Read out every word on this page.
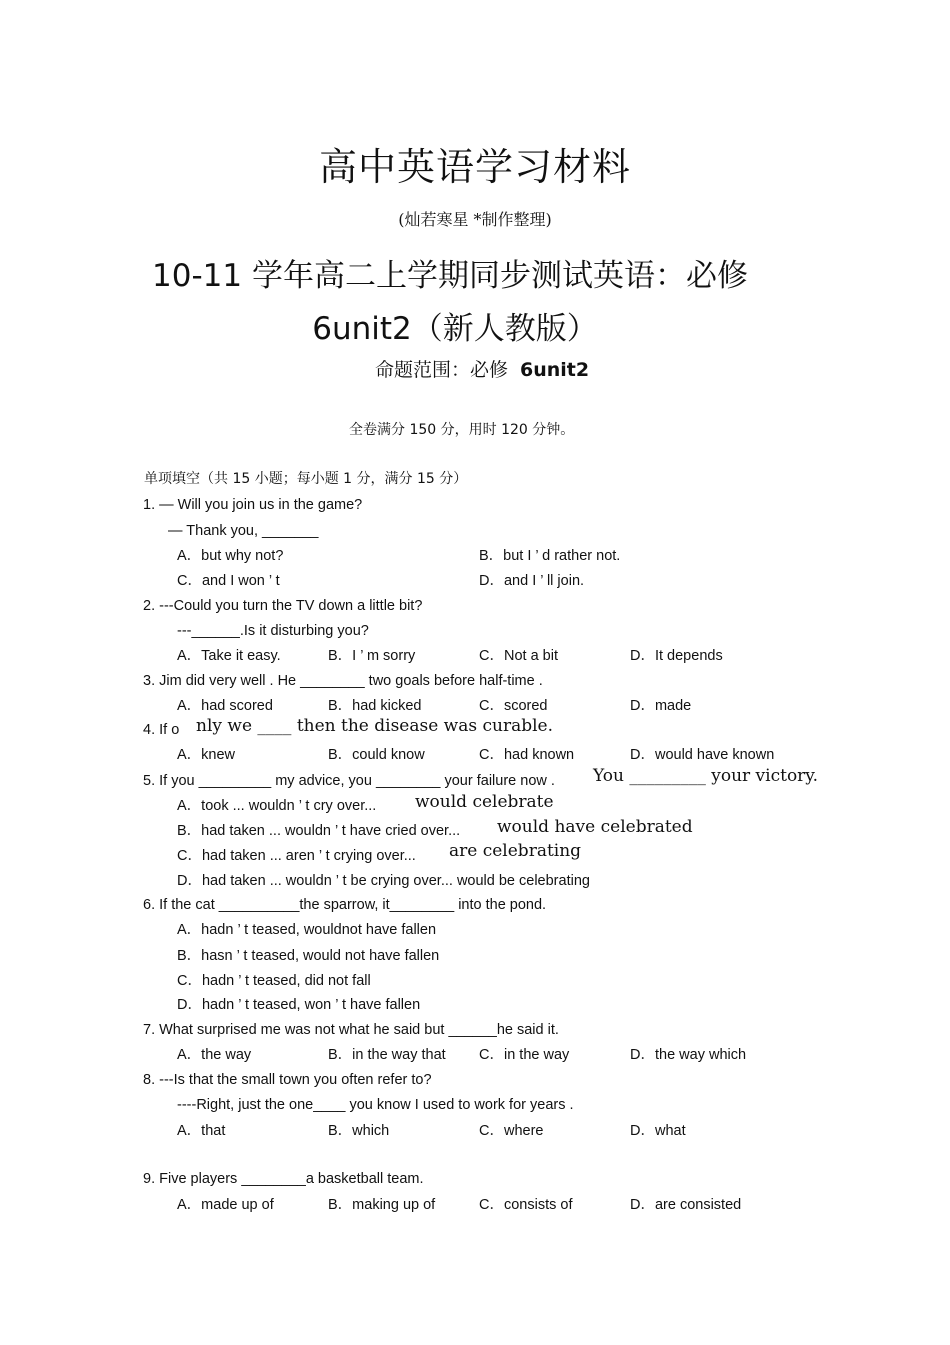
高中英语学习材料
(灿若寒星 *制作整理)
10-11 学年高二上学期同步测试英语：必修
6unit2（新人教版）
命题范围：必修 6unit2
全卷满分 150 分，用时 120 分钟。
单项填空（共 15 小题；每小题 1 分，满分 15 分）
1. — Will you join us in the game?
— Thank you, _______
A．but why not?	B．but I ’ d rather not.
C．and I won ’ t	D．and I ’ ll join.
2. ---Could you turn the TV down a little bit?
---______.Is it disturbing you?
A．Take it easy.	B．I ’ m sorry	C．Not a bit	D．It depends
3. Jim did very well . He ________ two goals before half-time .
A．had scored	B．had kicked	C．scored	D．made
4. If o nly we ____ then the disease was curable.
A．knew	B．could know	C．had known	D．would have known
5. If you _________ my advice, you ________ your failure now . You _________ your victory.
A．took ... wouldn ’ t cry over... would celebrate
B．had taken ... wouldn ’ t have cried over... would have celebrated
C．had taken ... aren ’ t crying over... are celebrating
D．had taken ... wouldn ’ t be crying over... would be celebrating
6. If the cat __________the sparrow, it________ into the pond.
A．hadn ’ t teased, wouldnot have fallen
B．hasn ’ t teased, would not have fallen
C．hadn ’ t teased, did not fall
D．hadn ’ t teased, won ’ t have fallen
7. What surprised me was not what he said but ______he said it.
A．the way	B．in the way that C．in the way	D．the way which
8. ---Is that the small town you often refer to?
----Right, just the one____ you know I used to work for years .
A．that	B．which	C．where	D．what
9. Five players ________a basketball team.
A．made up of	B．making up of	C．consists of	D．are consisted
